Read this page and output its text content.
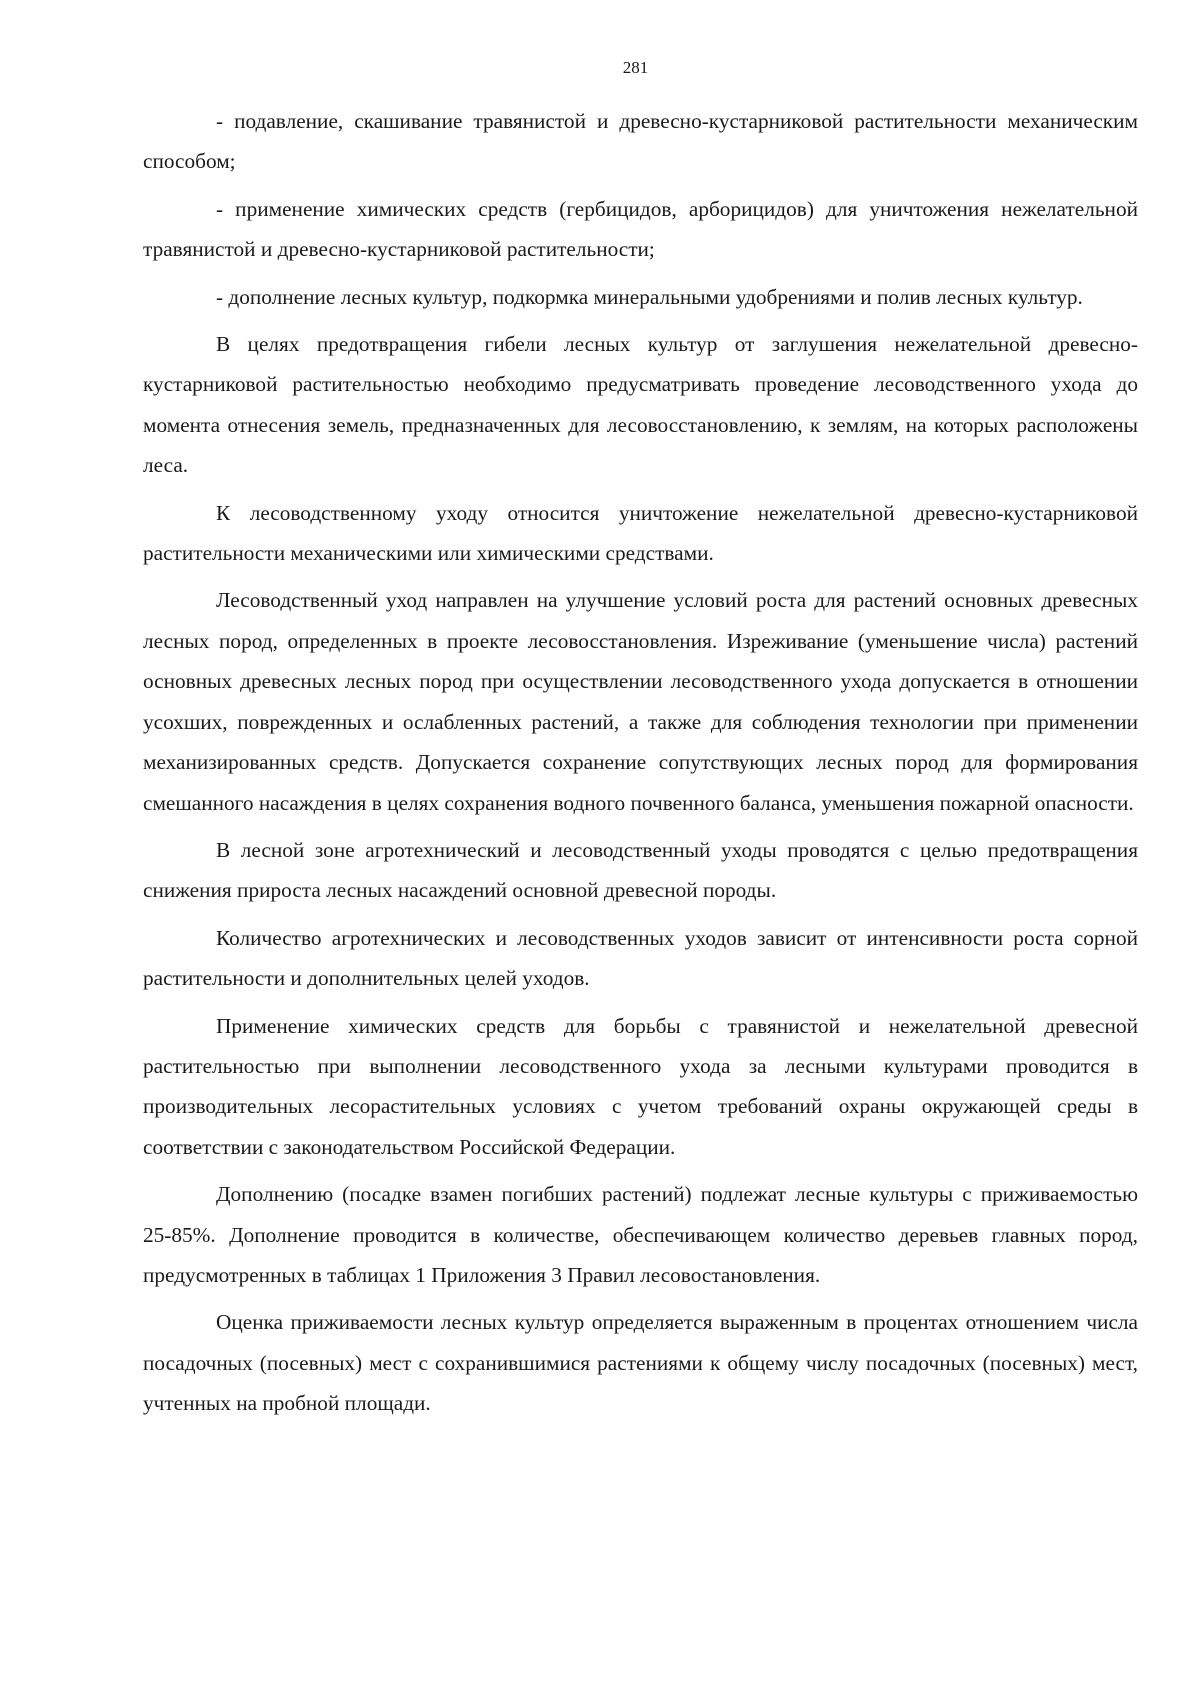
281

- подавление, скашивание травянистой и древесно-кустарниковой растительности механическим способом;

- применение химических средств (гербицидов, арборицидов) для уничтожения нежелательной травянистой и древесно-кустарниковой растительности;

- дополнение лесных культур, подкормка минеральными удобрениями и полив лесных культур.

В целях предотвращения гибели лесных культур от заглушения нежелательной древесно-кустарниковой растительностью необходимо предусматривать проведение лесоводственного ухода до момента отнесения земель, предназначенных для лесовосстановлению, к землям, на которых расположены леса.

К лесоводственному уходу относится уничтожение нежелательной древесно-кустарниковой растительности механическими или химическими средствами.

Лесоводственный уход направлен на улучшение условий роста для растений основных древесных лесных пород, определенных в проекте лесовосстановления. Изреживание (уменьшение числа) растений основных древесных лесных пород при осуществлении лесоводственного ухода допускается в отношении усохших, поврежденных и ослабленных растений, а также для соблюдения технологии при применении механизированных средств. Допускается сохранение сопутствующих лесных пород для формирования смешанного насаждения в целях сохранения водного почвенного баланса, уменьшения пожарной опасности.

В лесной зоне агротехнический и лесоводственный уходы проводятся с целью предотвращения снижения прироста лесных насаждений основной древесной породы.

Количество агротехнических и лесоводственных уходов зависит от интенсивности роста сорной растительности и дополнительных целей уходов.

Применение химических средств для борьбы с травянистой и нежелательной древесной растительностью при выполнении лесоводственного ухода за лесными культурами проводится в производительных лесорастительных условиях с учетом требований охраны окружающей среды в соответствии с законодательством Российской Федерации.

Дополнению (посадке взамен погибших растений) подлежат лесные культуры с приживаемостью 25-85%. Дополнение проводится в количестве, обеспечивающем количество деревьев главных пород, предусмотренных в таблицах 1 Приложения 3 Правил лесовостановления.

Оценка приживаемости лесных культур определяется выраженным в процентах отношением числа посадочных (посевных) мест с сохранившимися растениями к общему числу посадочных (посевных) мест, учтенных на пробной площади.
